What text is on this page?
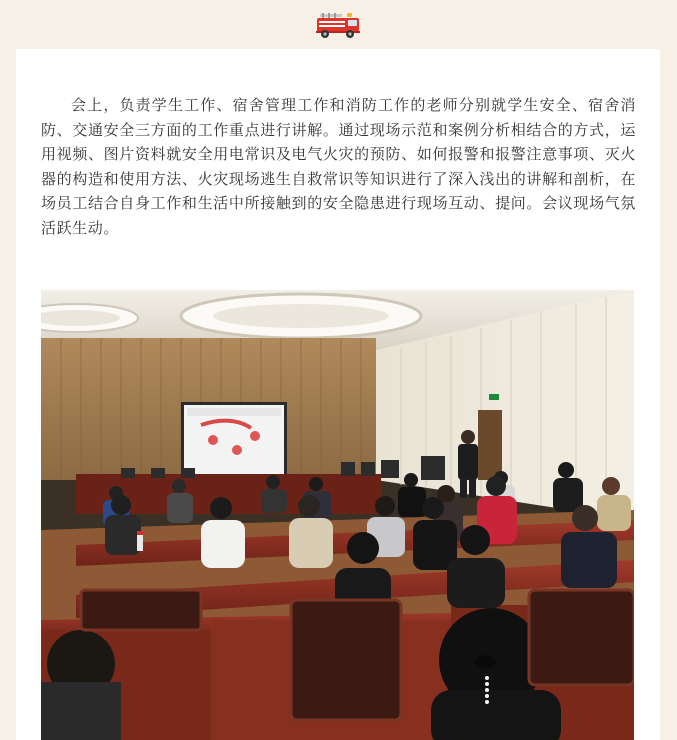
会上，负责学生工作、宿舍管理工作和消防工作的老师分别就学生安全、宿舍消防、交通安全三方面的工作重点进行讲解。通过现场示范和案例分析相结合的方式，运用视频、图片资料就安全用电常识及电气火灾的预防、如何报警和报警注意事项、灭火器的构造和使用方法、火灾现场逃生自救常识等知识进行了深入浅出的讲解和剖析，在场员工结合自身工作和生活中所接触到的安全隐患进行现场互动、提问。会议现场气氛活跃生动。
